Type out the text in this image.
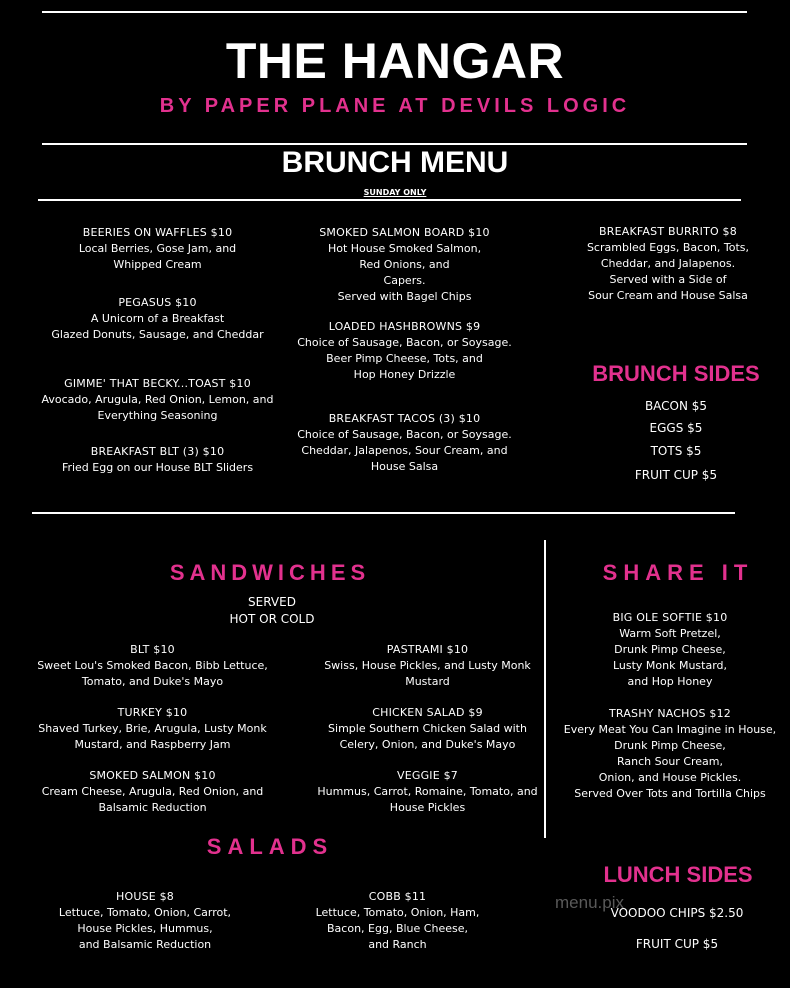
THE HANGAR
BY PAPER PLANE AT DEVILS LOGIC
BRUNCH MENU
SUNDAY ONLY
BEERIES ON WAFFLES $10
Local Berries, Gose Jam, and
Whipped Cream
PEGASUS $10
A Unicorn of a Breakfast
Glazed Donuts, Sausage, and Cheddar
GIMME' THAT BECKY...TOAST $10
Avocado, Arugula, Red Onion, Lemon, and
Everything Seasoning
BREAKFAST BLT (3) $10
Fried Egg on our House BLT Sliders
SMOKED SALMON BOARD $10
Hot House Smoked Salmon,
Red Onions, and
Capers.
Served with Bagel Chips
LOADED HASHBROWNS $9
Choice of Sausage, Bacon, or Soysage.
Beer Pimp Cheese, Tots, and
Hop Honey Drizzle
BREAKFAST TACOS (3) $10
Choice of Sausage, Bacon, or Soysage.
Cheddar, Jalapenos, Sour Cream, and
House Salsa
BREAKFAST BURRITO $8
Scrambled Eggs, Bacon, Tots,
Cheddar, and Jalapenos.
Served with a Side of
Sour Cream and House Salsa
BRUNCH SIDES
BACON $5
EGGS $5
TOTS $5
FRUIT CUP $5
SANDWICHES
SERVED
HOT OR COLD
BLT $10
Sweet Lou's Smoked Bacon, Bibb Lettuce,
Tomato, and Duke's Mayo
TURKEY $10
Shaved Turkey, Brie, Arugula, Lusty Monk
Mustard, and Raspberry Jam
SMOKED SALMON $10
Cream Cheese, Arugula, Red Onion, and
Balsamic Reduction
PASTRAMI $10
Swiss, House Pickles, and Lusty Monk
Mustard
CHICKEN SALAD $9
Simple Southern Chicken Salad with
Celery, Onion, and Duke's Mayo
VEGGIE $7
Hummus, Carrot, Romaine, Tomato, and
House Pickles
SHARE IT
BIG OLE SOFTIE $10
Warm Soft Pretzel,
Drunk Pimp Cheese,
Lusty Monk Mustard,
and Hop Honey
TRASHY NACHOS $12
Every Meat You Can Imagine in House,
Drunk Pimp Cheese,
Ranch Sour Cream,
Onion, and House Pickles.
Served Over Tots and Tortilla Chips
SALADS
HOUSE $8
Lettuce, Tomato, Onion, Carrot,
House Pickles, Hummus,
and Balsamic Reduction
COBB $11
Lettuce, Tomato, Onion, Ham,
Bacon, Egg, Blue Cheese,
and Ranch
LUNCH SIDES
VOODOO CHIPS $2.50
FRUIT CUP $5
menu.pix
